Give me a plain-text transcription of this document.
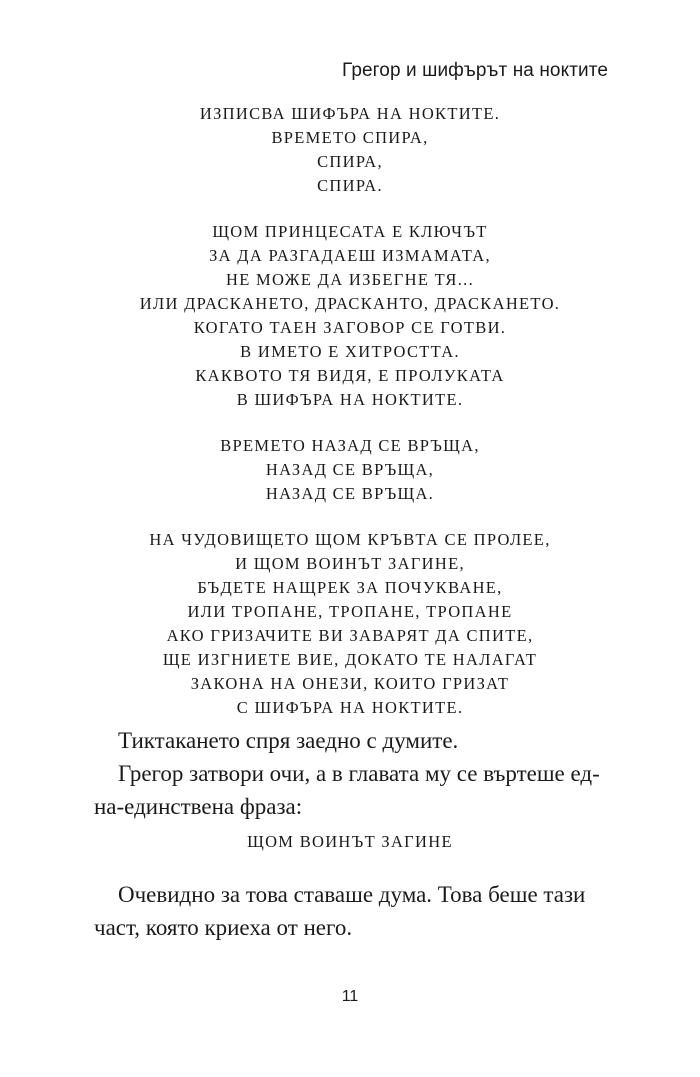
Грегор и шифърът на ноктите
ИЗПИСВА ШИФЪРА НА НОКТИТЕ.
ВРЕМЕТО СПИРА,
СПИРА,
СПИРА.
ЩОМ ПРИНЦЕСАТА Е КЛЮЧЪТ
ЗА ДА РАЗГАДАЕШ ИЗМАМАТА,
НЕ МОЖЕ ДА ИЗБЕГНЕ ТЯ...
ИЛИ ДРАСКАНЕТО, ДРАСКАНТО, ДРАСКАНЕТО.
КОГАТО ТАЕН ЗАГОВОР СЕ ГОТВИ.
В ИМЕТО Е ХИТРОСТТА.
КАКВОТО ТЯ ВИДЯ, Е ПРОЛУКАТА
В ШИФЪРА НА НОКТИТЕ.
ВРЕМЕТО НАЗАД СЕ ВРЪЩА,
НАЗАД СЕ ВРЪЩА,
НАЗАД СЕ ВРЪЩА.
НА ЧУДОВИЩЕТО ЩОМ КРЪВТА СЕ ПРОЛЕЕ,
И ЩОМ ВОИНЪТ ЗАГИНЕ,
БЪДЕТЕ НАЩРЕК ЗА ПОЧУКВАНЕ,
ИЛИ ТРОПАНЕ, ТРОПАНЕ, ТРОПАНЕ
АКО ГРИЗАЧИТЕ ВИ ЗАВАРЯТ ДА СПИТЕ,
ЩЕ ИЗГНИЕТЕ ВИЕ, ДОКАТО ТЕ НАЛАГАТ
ЗАКОНА НА ОНЕЗИ, КОИТО ГРИЗАТ
С ШИФЪРА НА НОКТИТЕ.

Тиктакането спря заедно с думите.

Грегор затвори очи, а в главата му се въртеше ед-на-единствена фраза:

ЩОМ ВОИНЪТ ЗАГИНЕ

Очевидно за това ставаше дума. Това беше тази част, която криеха от него.

11
